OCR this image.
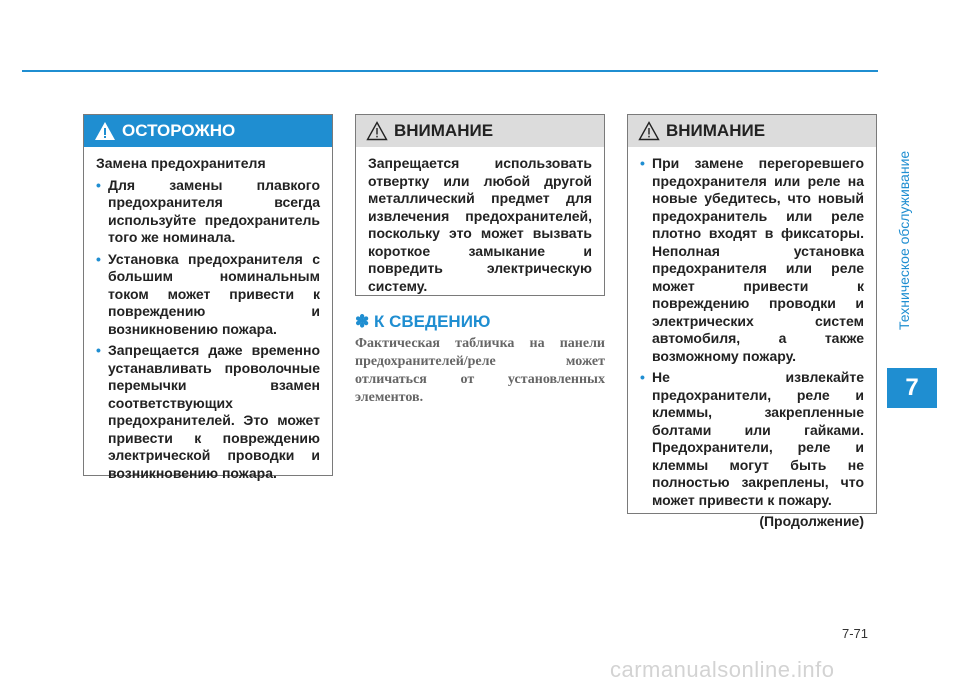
Техническое обслуживание
7
ОСТОРОЖНО

Замена предохранителя

• Для замены плавкого предохранителя всегда используйте предохранитель того же номинала.
• Установка предохранителя с большим номинальным током может привести к повреждению и возникновению пожара.
• Запрещается даже временно устанавливать проволочные перемычки взамен соответствующих предохранителей. Это может привести к повреждению электрической проводки и возникновению пожара.
ВНИМАНИЕ

Запрещается использовать отвертку или любой другой металлический предмет для извлечения предохранителей, поскольку это может вызвать короткое замыкание и повредить электрическую систему.

✽ К СВЕДЕНИЮ
Фактическая табличка на панели предохранителей/реле может отличаться от установленных элементов.
ВНИМАНИЕ
• При замене перегоревшего предохранителя или реле на новые убедитесь, что новый предохранитель или реле плотно входят в фиксаторы. Неполная установка предохранителя или реле может привести к повреждению проводки и электрических систем автомобиля, а также возможному пожару.
• Не извлекайте предохранители, реле и клеммы, закрепленные болтами или гайками. Предохранители, реле и клеммы могут быть не полностью закреплены, что может привести к пожару.
(Продолжение)
7-71
carmanualsonline.info
